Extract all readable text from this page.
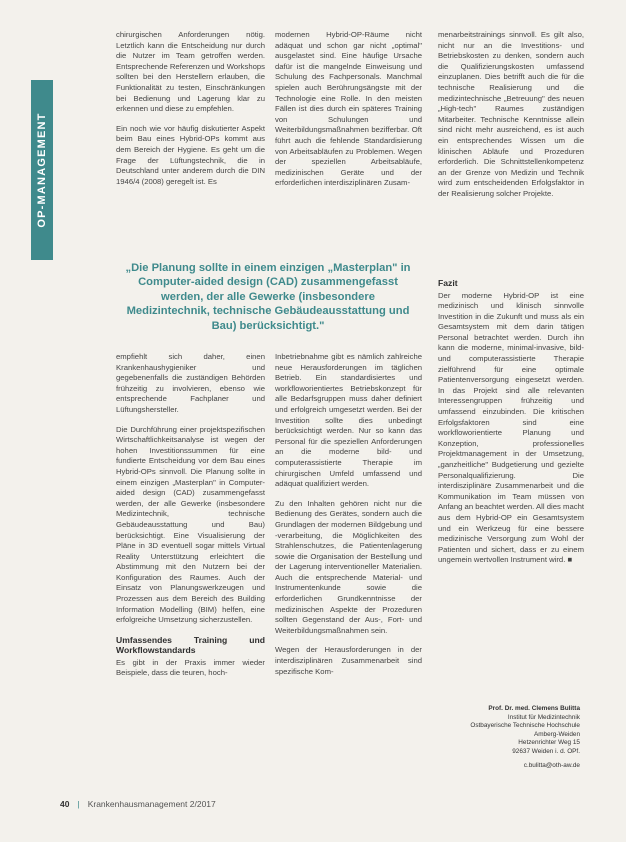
OP-MANAGEMENT

chirurgischen Anforderungen nötig. Letztlich kann die Entscheidung nur durch die Nutzer im Team getroffen werden. Entsprechende Referenzen und Workshops sollten bei den Herstellern erlauben, die Funktionalität zu testen, Einschränkungen bei Bedienung und Lagerung klar zu erkennen und diese zu empfehlen.

Ein noch wie vor häufig diskutierter Aspekt beim Bau eines Hybrid-OPs kommt aus dem Bereich der Hygiene. Es geht um die Frage der Lüftungstechnik, die in Deutschland unter anderem durch die DIN 1946/4 (2008) geregelt ist. Es

modernen Hybrid-OP-Räume nicht adäquat und schon gar nicht „optimal" ausgelastet sind. Eine häufige Ursache dafür ist die mangelnde Einweisung und Schulung des Fachpersonals. Manchmal spielen auch Berührungsängste mit der Technologie eine Rolle. In den meisten Fällen ist dies durch ein späteres Training von Schulungen und Weiterbildungsmaßnahmen bezifferbar. Oft führt auch die fehlende Standardisierung von Arbeitsabläufen zu Problemen. Wegen der speziellen Arbeitsabläufe, medizinischen Geräte und der erforderlichen interdisziplinären Zusam-

menarbeitstrainings sinnvoll. Es gilt also, nicht nur an die Investitions- und Betriebskosten zu denken, sondern auch die Qualifizierungskosten umfassend einzuplanen. Dies betrifft auch die für die technische Realisierung und die medizintechnische „Betreuung" des neuen „High-tech" Raumes zuständigen Mitarbeiter. Technische Kenntnisse allein sind nicht mehr ausreichend, es ist auch ein entsprechendes Wissen um die klinischen Abläufe und Prozeduren erforderlich. Die Schnittstellenkompetenz an der Grenze von Medizin und Technik wird zum entscheidenden Erfolgsfaktor in der Realisierung solcher Projekte.

„Die Planung sollte in einem einzigen „Masterplan" in Computer-aided design (CAD) zusammengefasst werden, der alle Gewerke (insbesondere Medizintechnik, technische Gebäudeausstattung und Bau) berücksichtigt."

empfiehlt sich daher, einen Krankenhaushygieniker und gegebenenfalls die zuständigen Behörden frühzeitig zu involvieren, ebenso wie entsprechende Fachplaner und Lüftungshersteller.

Die Durchführung einer projektspezifischen Wirtschaftlichkeitsanalyse ist wegen der hohen Investitionssummen für eine fundierte Entscheidung vor dem Bau eines Hybrid-OPs sinnvoll. Die Planung sollte in einem einzigen „Masterplan" in Computer-aided design (CAD) zusammengefasst werden, der alle Gewerke (insbesondere Medizintechnik, technische Gebäudeausstattung und Bau) berücksichtigt. Eine Visualisierung der Pläne in 3D eventuell sogar mittels Virtual Reality Unterstützung erleichtert die Abstimmung mit den Nutzern bei der Konfiguration des Raumes. Auch der Einsatz von Planungswerkzeugen und Prozessen aus dem Bereich des Building Information Modelling (BIM) helfen, eine erfolgreiche Umsetzung sicherzustellen.

Umfassendes Training und Workflowstandards

Es gibt in der Praxis immer wieder Beispiele, dass die teuren, hoch-

Inbetriebnahme gibt es nämlich zahlreiche neue Herausforderungen im täglichen Betrieb. Ein standardisiertes und workfloworientiertes Betriebskonzept für alle Bedarfsgruppen muss daher definiert und erfolgreich umgesetzt werden. Bei der Investition sollte dies unbedingt berücksichtigt werden. Nur so kann das Personal für die speziellen Anforderungen an die moderne bild- und computerassistierte Therapie im chirurgischen Umfeld umfassend und adäquat qualifiziert werden.

Zu den Inhalten gehören nicht nur die Bedienung des Gerätes, sondern auch die Grundlagen der modernen Bildgebung und -verarbeitung, die Möglichkeiten des Strahlenschutzes, die Patientenlagerung sowie die Organisation der Bestellung und der Lagerung interventioneller Materialien. Auch die entsprechende Material- und Instrumentenkunde sowie die erforderlichen Grundkenntnisse der medizinischen Aspekte der Prozeduren sollten Gegenstand der Aus-, Fort- und Weiterbildungsmaßnahmen sein.

Wegen der Herausforderungen in der interdisziplinären Zusammenarbeit sind spezifische Kom-

Fazit

Der moderne Hybrid-OP ist eine medizinisch und klinisch sinnvolle Investition in die Zukunft und muss als ein Gesamtsystem mit dem darin tätigen Personal betrachtet werden. Durch ihn kann die moderne, minimal-invasive, bild- und computerassistierte Therapie zielführend für eine optimale Patientenversorgung eingesetzt werden. In das Projekt sind alle relevanten Interessengruppen frühzeitig und umfassend einzubinden. Die kritischen Erfolgsfaktoren sind eine workfloworientierte Planung und Konzeption, professionelles Projektmanagement in der Umsetzung, „ganzheitliche" Budgetierung und gezielte Personalqualifizierung. Die interdisziplinäre Zusammenarbeit und die Kommunikation im Team müssen von Anfang an beachtet werden. All dies macht aus dem Hybrid-OP ein Gesamtsystem und ein Werkzeug für eine bessere medizinische Versorgung zum Wohl der Patienten und sichert, dass er zu einem ungemein wertvollen Instrument wird. ■

Prof. Dr. med. Clemens Bulitta
Institut für Medizintechnik
Ostbayerische Technische Hochschule
Amberg-Weiden
Hetzenrichter Weg 15
92637 Weiden i. d. OPf.
c.bulitta@oth-aw.de
40 | Krankenhausmanagement 2/2017
